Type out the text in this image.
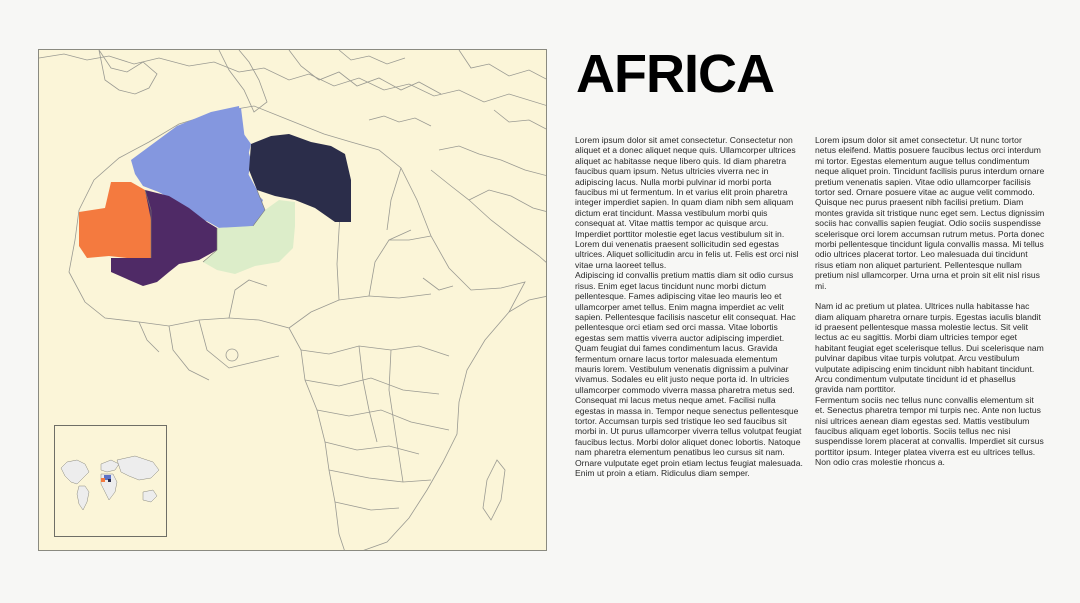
AFRICA

Lorem ipsum dolor sit amet consectetur. Consectetur non aliquet et a donec aliquet neque quis. Ullamcorper ultrices aliquet ac habitasse neque libero quis. Id diam pharetra faucibus quam ipsum. Netus ultricies viverra nec in adipiscing lacus. Nulla morbi pulvinar id morbi porta faucibus mi ut fermentum. In et varius elit proin pharetra integer imperdiet sapien. In quam diam nibh sem aliquam dictum erat tincidunt. Massa vestibulum morbi quis consequat at. Vitae mattis tempor ac quisque arcu. Imperdiet porttitor molestie eget lacus vestibulum sit in. Lorem dui venenatis praesent sollicitudin sed egestas ultrices. Aliquet sollicitudin arcu in felis ut. Felis est orci nisl vitae urna laoreet tellus.

Adipiscing id convallis pretium mattis diam sit odio cursus risus. Enim eget lacus tincidunt nunc morbi dictum pellentesque. Fames adipiscing vitae leo mauris leo et ullamcorper amet tellus. Enim magna imperdiet ac velit sapien. Pellentesque facilisis nascetur elit consequat. Hac pellentesque orci etiam sed orci massa. Vitae lobortis egestas sem mattis viverra auctor adipiscing imperdiet. Quam feugiat dui fames condimentum lacus. Gravida fermentum ornare lacus tortor malesuada elementum mauris lorem. Vestibulum venenatis dignissim a pulvinar vivamus. Sodales eu elit justo neque porta id. In ultricies ullamcorper commodo viverra massa pharetra metus sed.

Consequat mi lacus metus neque amet. Facilisi nulla egestas in massa in. Tempor neque senectus pellentesque tortor. Accumsan turpis sed tristique leo sed faucibus sit morbi in. Ut purus ullamcorper viverra tellus volutpat feugiat faucibus lectus. Morbi dolor aliquet donec lobortis. Natoque nam pharetra elementum penatibus leo cursus sit nam. Ornare vulputate eget proin etiam lectus feugiat malesuada. Enim ut proin a etiam. Ridiculus diam semper.

Lorem ipsum dolor sit amet consectetur. Ut nunc tortor netus eleifend. Mattis posuere faucibus lectus orci interdum mi tortor. Egestas elementum augue tellus condimentum neque aliquet proin. Tincidunt facilisis purus interdum ornare pretium venenatis sapien. Vitae odio ullamcorper facilisis tortor sed. Ornare posuere vitae ac augue velit commodo. Quisque nec purus praesent nibh facilisi pretium. Diam montes gravida sit tristique nunc eget sem. Lectus dignissim sociis hac convallis sapien feugiat. Odio sociis suspendisse scelerisque orci lorem accumsan rutrum metus. Porta donec morbi pellentesque tincidunt ligula convallis massa. Mi tellus odio ultrices placerat tortor. Leo malesuada dui tincidunt risus etiam non aliquet parturient. Pellentesque nullam pretium nisl ullamcorper. Urna urna et proin sit elit nisl risus mi.

Nam id ac pretium ut platea. Ultrices nulla habitasse hac diam aliquam pharetra ornare turpis. Egestas iaculis blandit id praesent pellentesque massa molestie lectus. Sit velit lectus ac eu sagittis. Morbi diam ultricies tempor eget habitant feugiat eget scelerisque tellus. Dui scelerisque nam pulvinar dapibus vitae turpis volutpat. Arcu vestibulum vulputate adipiscing enim tincidunt nibh habitant tincidunt. Arcu condimentum vulputate tincidunt id et phasellus gravida nam porttitor.

Fermentum sociis nec tellus nunc convallis elementum sit et. Senectus pharetra tempor mi turpis nec. Ante non luctus nisi ultrices aenean diam egestas sed. Mattis vestibulum faucibus aliquam eget lobortis. Sociis tellus nec nisi suspendisse lorem placerat at convallis. Imperdiet sit cursus porttitor ipsum. Integer platea viverra est eu ultrices tellus. Non odio cras molestie rhoncus a.
